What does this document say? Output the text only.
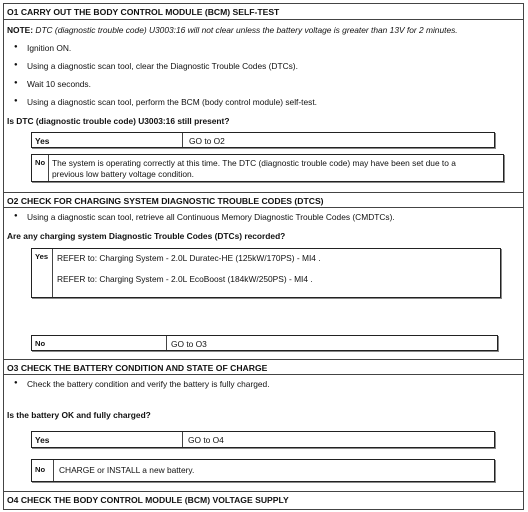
O1 CARRY OUT THE BODY CONTROL MODULE (BCM) SELF-TEST
NOTE: DTC (diagnostic trouble code) U3003:16 will not clear unless the battery voltage is greater than 13V for 2 minutes.
● Ignition ON.
● Using a diagnostic scan tool, clear the Diagnostic Trouble Codes (DTCs).
● Wait 10 seconds.
● Using a diagnostic scan tool, perform the BCM (body control module) self-test.
Is DTC (diagnostic trouble code) U3003:16 still present?
Yes	GO to O2
No The system is operating correctly at this time. The DTC (diagnostic trouble code) may have been set due to a
previous low battery voltage condition.
O2 CHECK FOR CHARGING SYSTEM DIAGNOSTIC TROUBLE CODES (DTCS)
● Using a diagnostic scan tool, retrieve all Continuous Memory Diagnostic Trouble Codes (CMDTCs).
Are any charging system Diagnostic Trouble Codes (DTCs) recorded?
Yes REFER to: Charging System - 2.0L Duratec-HE (125kW/170PS) - MI4 .
REFER to: Charging System - 2.0L EcoBoost (184kW/250PS) - MI4 .
No	GO to O3
O3 CHECK THE BATTERY CONDITION AND STATE OF CHARGE
● Check the battery condition and verify the battery is fully charged.
Is the battery OK and fully charged?
Yes	GO to O4
No CHARGE or INSTALL a new battery.
O4 CHECK THE BODY CONTROL MODULE (BCM) VOLTAGE SUPPLY
